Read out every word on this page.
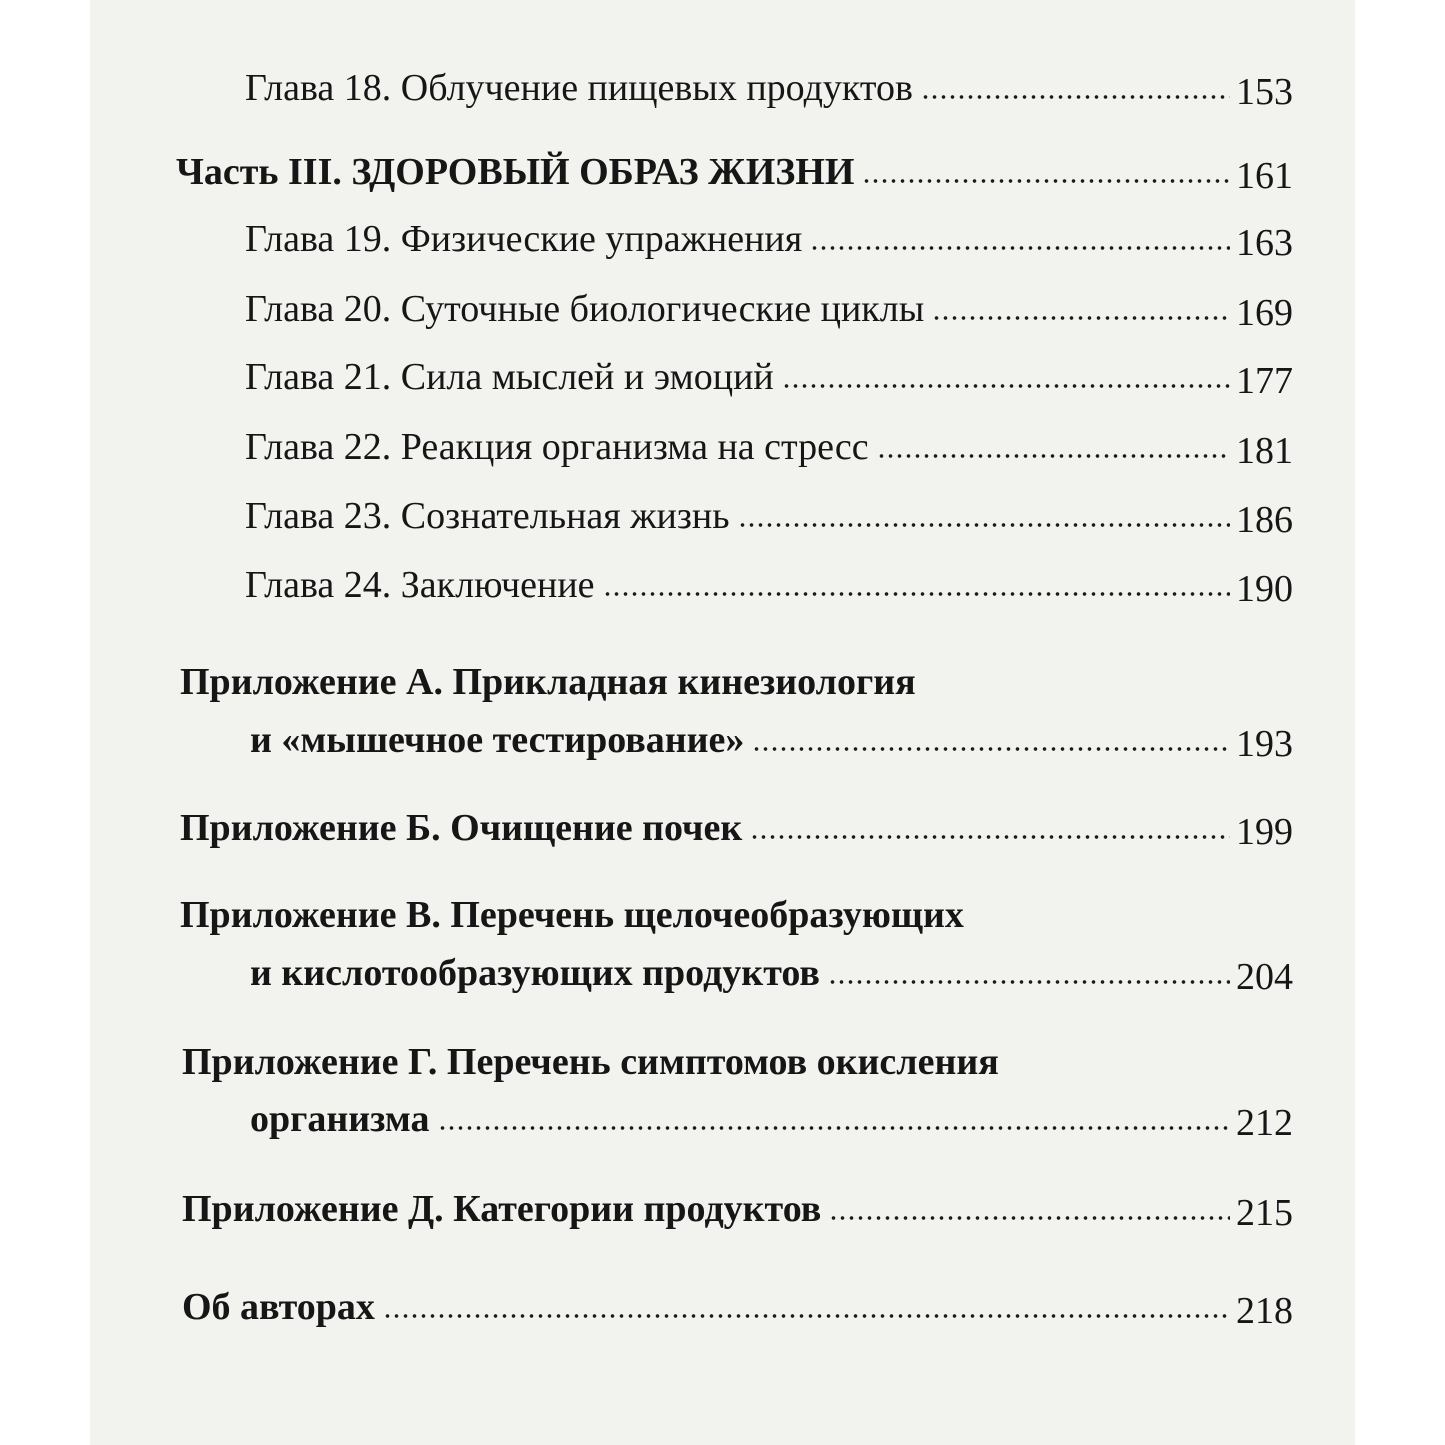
Глава 18. Облучение пищевых продуктов	153
Часть III. ЗДОРОВЫЙ ОБРАЗ ЖИЗНИ	161
Глава 19. Физические упражнения	163
Глава 20. Суточные биологические циклы	169
Глава 21. Сила мыслей и эмоций	177
Глава 22. Реакция организма на стресс	181
Глава 23. Сознательная жизнь	186
Глава 24. Заключение	190
Приложение А. Прикладная кинезиология
и «мышечное тестирование»	193
Приложение Б. Очищение почек	199
Приложение В. Перечень щелочеобразующих
и кислотообразующих продуктов	204
Приложение Г. Перечень симптомов окисления
организма	212
Приложение Д. Категории продуктов	215
Об авторах	218
